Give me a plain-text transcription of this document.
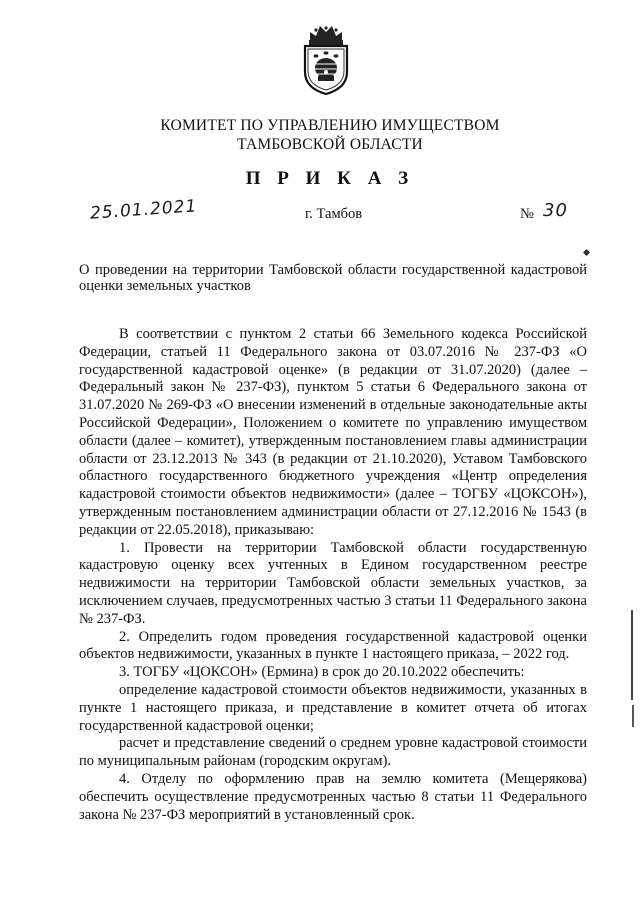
КОМИТЕТ ПО УПРАВЛЕНИЮ ИМУЩЕСТВОМ
ТАМБОВСКОЙ ОБЛАСТИ
П Р И К А З
25.01.2021	г. Тамбов	№ 30
О проведении на территории Тамбовской области государственной кадастровой оценки земельных участков

В соответствии с пунктом 2 статьи 66 Земельного кодекса Российской Федерации, статьей 11 Федерального закона от 03.07.2016 № 237-ФЗ «О государственной кадастровой оценке» (в редакции от 31.07.2020) (далее – Федеральный закон № 237-ФЗ), пунктом 5 статьи 6 Федерального закона от 31.07.2020 № 269-ФЗ «О внесении изменений в отдельные законодательные акты Российской Федерации», Положением о комитете по управлению имуществом области (далее – комитет), утвержденным постановлением главы администрации области от 23.12.2013 № 343 (в редакции от 21.10.2020), Уставом Тамбовского областного государственного бюджетного учреждения «Центр определения кадастровой стоимости объектов недвижимости» (далее – ТОГБУ «ЦОКСОН»), утвержденным постановлением администрации области от 27.12.2016 № 1543 (в редакции от 22.05.2018), приказываю:

1. Провести на территории Тамбовской области государственную кадастровую оценку всех учтенных в Едином государственном реестре недвижимости на территории Тамбовской области земельных участков, за исключением случаев, предусмотренных частью 3 статьи 11 Федерального закона № 237-ФЗ.

2. Определить годом проведения государственной кадастровой оценки объектов недвижимости, указанных в пункте 1 настоящего приказа, – 2022 год.

3. ТОГБУ «ЦОКСОН» (Ермина) в срок до 20.10.2022 обеспечить:

определение кадастровой стоимости объектов недвижимости, указанных в пункте 1 настоящего приказа, и представление в комитет отчета об итогах государственной кадастровой оценки;

расчет и представление сведений о среднем уровне кадастровой стоимости по муниципальным районам (городским округам).

4. Отделу по оформлению прав на землю комитета (Мещерякова) обеспечить осуществление предусмотренных частью 8 статьи 11 Федерального закона № 237-ФЗ мероприятий в установленный срок.
